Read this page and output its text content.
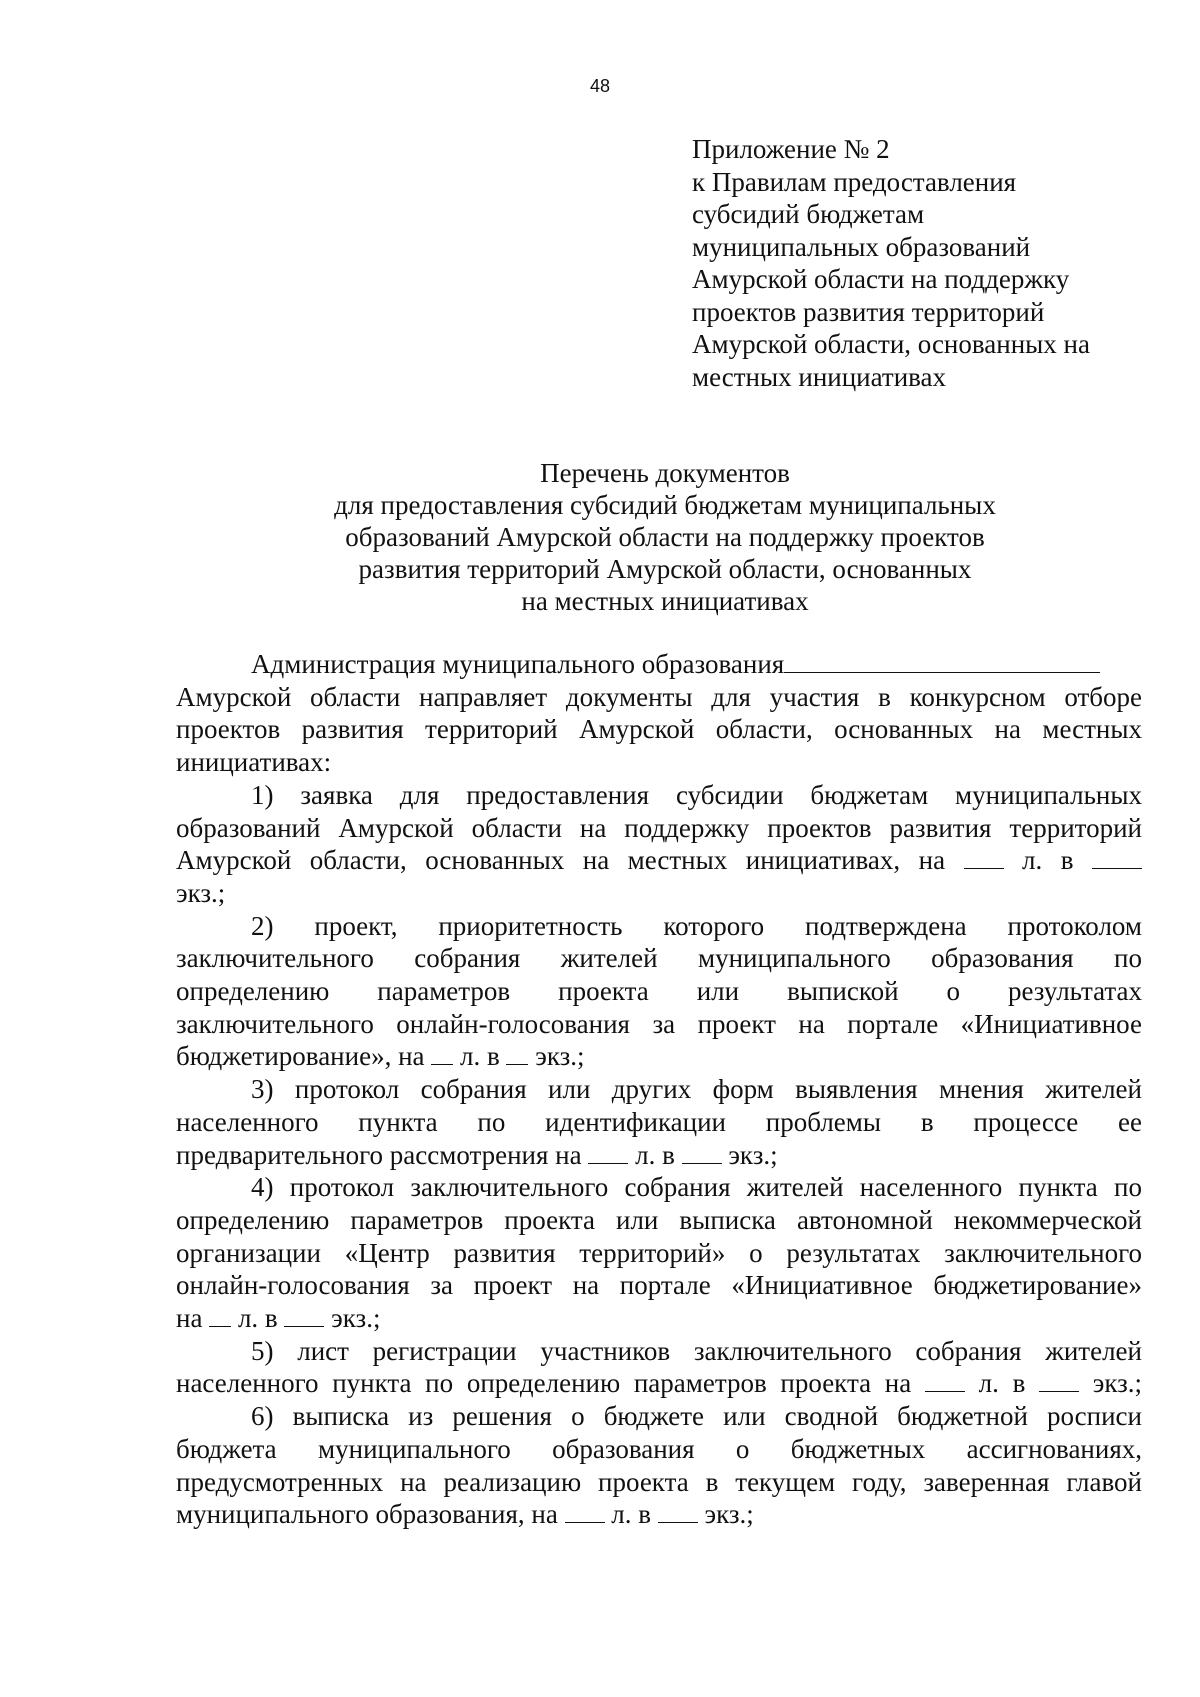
48
Приложение № 2
к Правилам предоставления
субсидий бюджетам
муниципальных образований
Амурской области на поддержку
проектов развития территорий
Амурской области, основанных на
местных инициативах
Перечень документов
для предоставления субсидий бюджетам муниципальных
образований Амурской области на поддержку проектов
развития территорий Амурской области, основанных
на местных инициативах
Администрация муниципального образования
Амурской области направляет документы для участия в конкурсном отборе
проектов развития территорий Амурской области, основанных на местных
инициативах:
1) заявка для предоставления субсидии бюджетам муниципальных
образований Амурской области на поддержку проектов развития территорий
Амурской области, основанных на местных инициативах, на	л. в
экз.;
2) проект, приоритетность которого подтверждена протоколом
заключительного собрания жителей муниципального образования по
определению параметров проекта или выпиской о результатах
заключительного онлайн-голосования за проект на портале «Инициативное
бюджетирование», на л. в экз.;
3) протокол собрания или других форм выявления мнения жителей
населенного пункта по идентификации проблемы в процессе ее
предварительного рассмотрения на л. в экз.;
4) протокол заключительного собрания жителей населенного пункта по
определению параметров проекта или выписка автономной некоммерческой
организации «Центр развития территорий» о результатах заключительного
онлайн-голосования за проект на портале «Инициативное бюджетирование»
на л. в экз.;
5) лист регистрации участников заключительного собрания жителей
населенного пункта по определению параметров проекта на л. в экз.;
6) выписка из решения о бюджете или сводной бюджетной росписи
бюджета муниципального образования о бюджетных ассигнованиях,
предусмотренных на реализацию проекта в текущем году, заверенная главой
муниципального образования, на л. в экз.;
